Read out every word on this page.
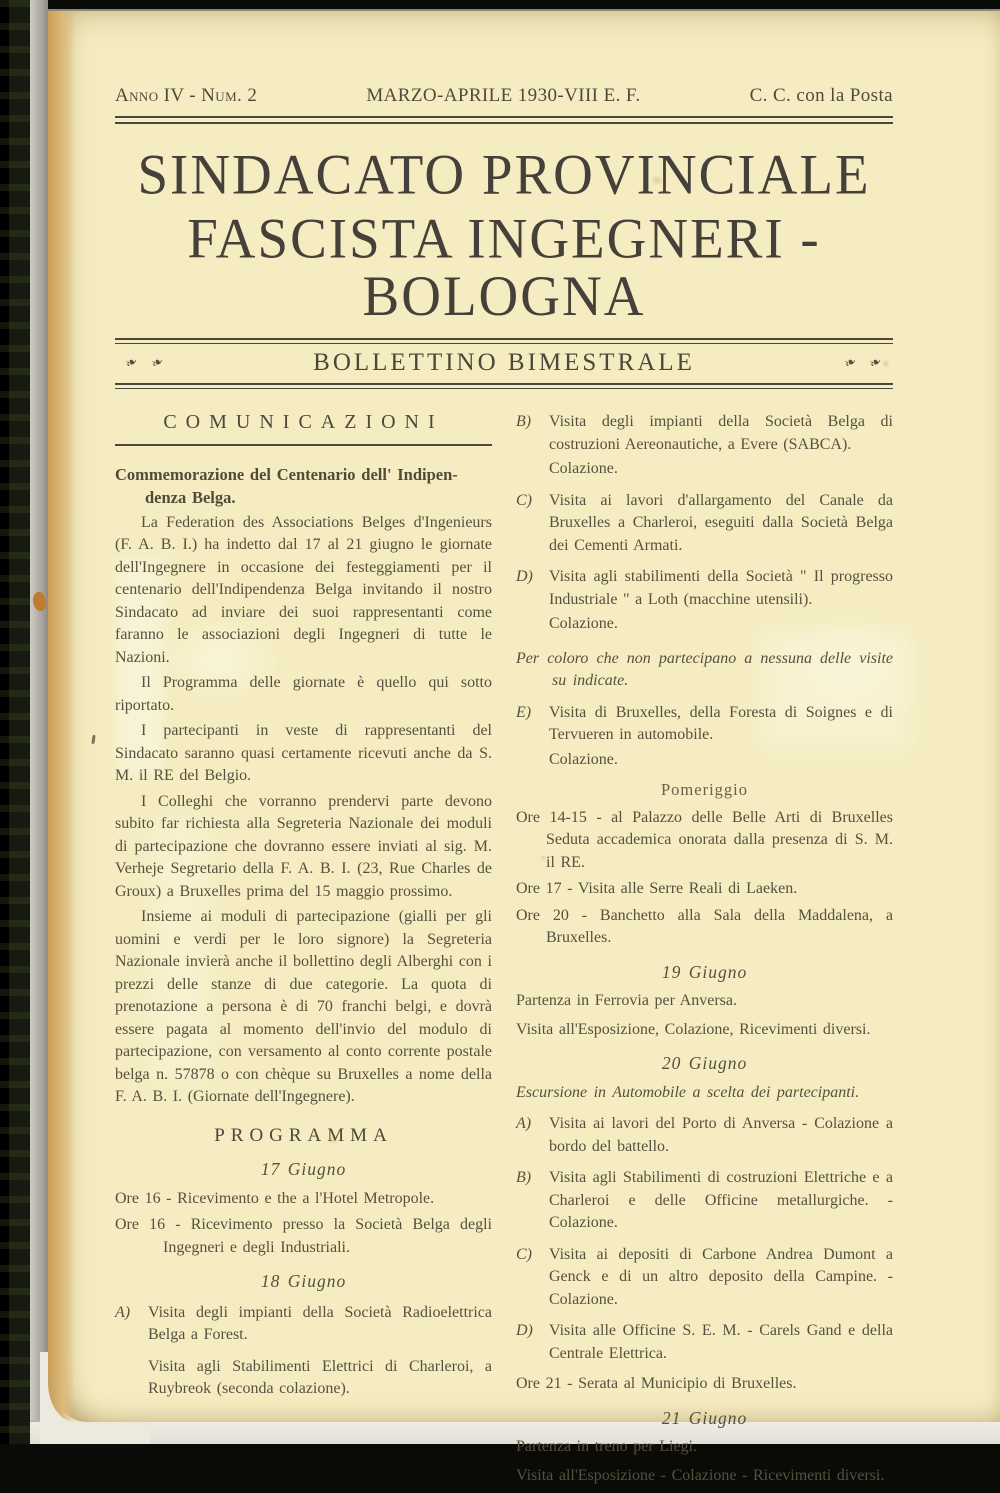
Anno IV - Num. 2	MARZO-APRILE 1930-VIII E. F.	C. C. con la Posta
SINDACATO PROVINCIALE
FASCISTA INGEGNERI - BOLOGNA
❧ ❧	BOLLETTINO BIMESTRALE	❧ ❧
COMUNICAZIONI
Commemorazione del Centenario dell' Indipen-
denza Belga.

La Federation des Associations Belges d'Ingenieurs (F. A. B. I.) ha indetto dal 17 al 21 giugno le giornate dell'Ingegnere in occasione dei festeggiamenti per il centenario dell'Indipendenza Belga invitando il nostro Sindacato ad inviare dei suoi rappresentanti come faranno le associazioni degli Ingegneri di tutte le Nazioni.

Il Programma delle giornate è quello qui sotto riportato.

I partecipanti in veste di rappresentanti del Sindacato saranno quasi certamente ricevuti anche da S. M. il RE del Belgio.

I Colleghi che vorranno prendervi parte devono subito far richiesta alla Segreteria Nazionale dei moduli di partecipazione che dovranno essere inviati al sig. M. Verheje Segretario della F. A. B. I. (23, Rue Charles de Groux) a Bruxelles prima del 15 maggio prossimo.

Insieme ai moduli di partecipazione (gialli per gli uomini e verdi per le loro signore) la Segreteria Nazionale invierà anche il bollettino degli Alberghi con i prezzi delle stanze di due categorie. La quota di prenotazione a persona è di 70 franchi belgi, e dovrà essere pagata al momento dell'invio del modulo di partecipazione, con versamento al conto corrente postale belga n. 57878 o con chèque su Bruxelles a nome della F. A. B. I. (Giornate dell'Ingegnere).

PROGRAMMA
17 Giugno
Ore 16 - Ricevimento e the a l'Hotel Metropole.
Ore 16 - Ricevimento presso la Società Belga degli Ingegneri e degli Industriali.
18 Giugno
A) Visita degli impianti della Società Radioelettrica Belga a Forest.
Visita agli Stabilimenti Elettrici di Charleroi, a Ruybreok (seconda colazione).
B) Visita degli impianti della Società Belga di costruzioni Aereonautiche, a Evere (SABCA).
Colazione.
C) Visita ai lavori d'allargamento del Canale da Bruxelles a Charleroi, eseguiti dalla Società Belga dei Cementi Armati.
D) Visita agli stabilimenti della Società " Il progresso Industriale " a Loth (macchine utensili).
Colazione.
Per coloro che non partecipano a nessuna delle visite su indicate.
E) Visita di Bruxelles, della Foresta di Soignes e di Tervueren in automobile.
Colazione.
Pomeriggio
Ore 14-15 - al Palazzo delle Belle Arti di Bruxelles Seduta accademica onorata dalla presenza di S. M. il RE.
Ore 17 - Visita alle Serre Reali di Laeken.
Ore 20 - Banchetto alla Sala della Maddalena, a Bruxelles.
19 Giugno
Partenza in Ferrovia per Anversa.
Visita all'Esposizione, Colazione, Ricevimenti diversi.
20 Giugno
Escursione in Automobile a scelta dei partecipanti.
A) Visita ai lavori del Porto di Anversa - Colazione a bordo del battello.
B) Visita agli Stabilimenti di costruzioni Elettriche e a Charleroi e delle Officine metallurgiche. - Colazione.
C) Visita ai depositi di Carbone Andrea Dumont a Genck e di un altro deposito della Campine. - Colazione.
D) Visita alle Officine S. E. M. - Carels Gand e della Centrale Elettrica.
Ore 21 - Serata al Municipio di Bruxelles.
21 Giugno
Partenza in treno per Liegi.
Visita all'Esposizione - Colazione - Ricevimenti diversi.
